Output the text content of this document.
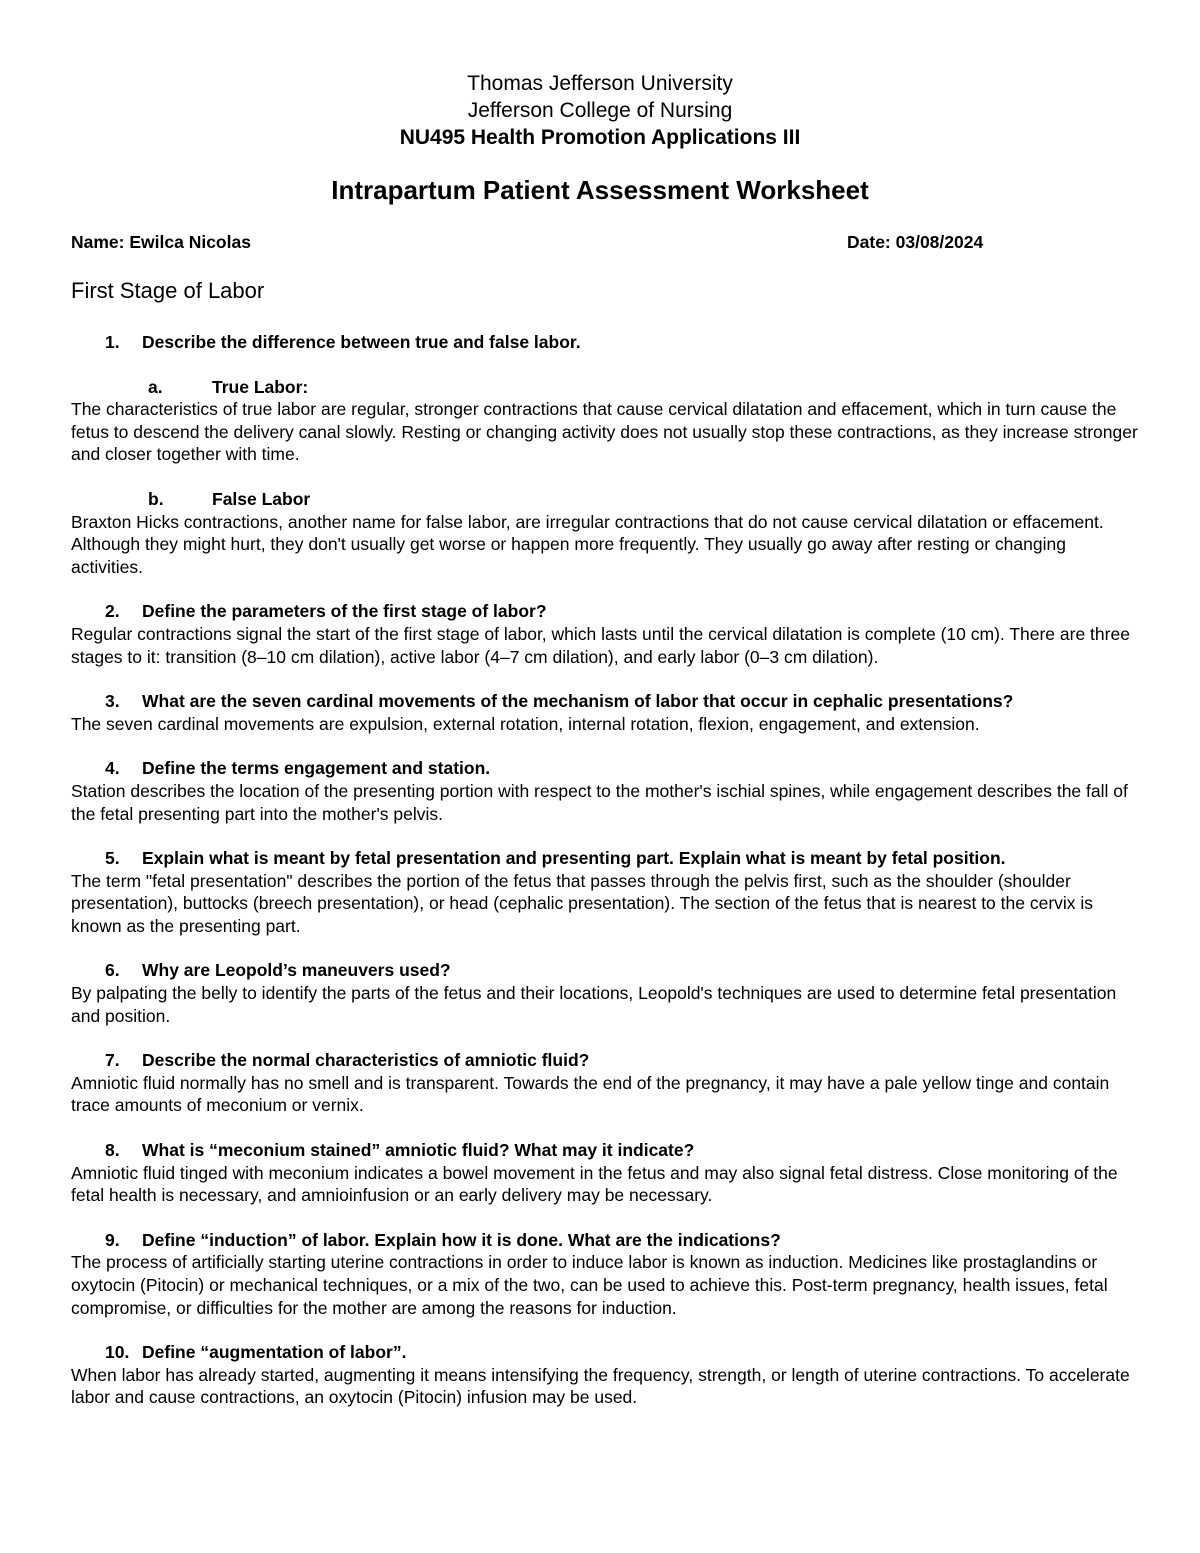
Thomas Jefferson University
Jefferson College of Nursing
NU495 Health Promotion Applications III
Intrapartum Patient Assessment Worksheet
Name: Ewilca Nicolas	Date: 03/08/2024
First Stage of Labor
1.	Describe the difference between true and false labor.
a.	True Labor:

The characteristics of true labor are regular, stronger contractions that cause cervical dilatation and effacement, which in turn cause the fetus to descend the delivery canal slowly. Resting or changing activity does not usually stop these contractions, as they increase stronger and closer together with time.

b.	False Labor

Braxton Hicks contractions, another name for false labor, are irregular contractions that do not cause cervical dilatation or effacement. Although they might hurt, they don't usually get worse or happen more frequently. They usually go away after resting or changing activities.

2.	Define the parameters of the first stage of labor?

Regular contractions signal the start of the first stage of labor, which lasts until the cervical dilatation is complete (10 cm). There are three stages to it: transition (8–10 cm dilation), active labor (4–7 cm dilation), and early labor (0–3 cm dilation).

3.	What are the seven cardinal movements of the mechanism of labor that occur in cephalic presentations?

The seven cardinal movements are expulsion, external rotation, internal rotation, flexion, engagement, and extension.

4.	Define the terms engagement and station.

Station describes the location of the presenting portion with respect to the mother's ischial spines, while engagement describes the fall of the fetal presenting part into the mother's pelvis.

5.	Explain what is meant by fetal presentation and presenting part. Explain what is meant by fetal position.

The term "fetal presentation" describes the portion of the fetus that passes through the pelvis first, such as the shoulder (shoulder presentation), buttocks (breech presentation), or head (cephalic presentation). The section of the fetus that is nearest to the cervix is known as the presenting part.

6.	Why are Leopold’s maneuvers used?

By palpating the belly to identify the parts of the fetus and their locations, Leopold's techniques are used to determine fetal presentation and position.

7.	Describe the normal characteristics of amniotic fluid?

Amniotic fluid normally has no smell and is transparent. Towards the end of the pregnancy, it may have a pale yellow tinge and contain trace amounts of meconium or vernix.

8.	What is “meconium stained” amniotic fluid? What may it indicate?

Amniotic fluid tinged with meconium indicates a bowel movement in the fetus and may also signal fetal distress. Close monitoring of the fetal health is necessary, and amnioinfusion or an early delivery may be necessary.

9.	Define “induction” of labor. Explain how it is done. What are the indications?

The process of artificially starting uterine contractions in order to induce labor is known as induction. Medicines like prostaglandins or oxytocin (Pitocin) or mechanical techniques, or a mix of the two, can be used to achieve this. Post-term pregnancy, health issues, fetal compromise, or difficulties for the mother are among the reasons for induction.

10. Define “augmentation of labor”.

When labor has already started, augmenting it means intensifying the frequency, strength, or length of uterine contractions. To accelerate labor and cause contractions, an oxytocin (Pitocin) infusion may be used.
